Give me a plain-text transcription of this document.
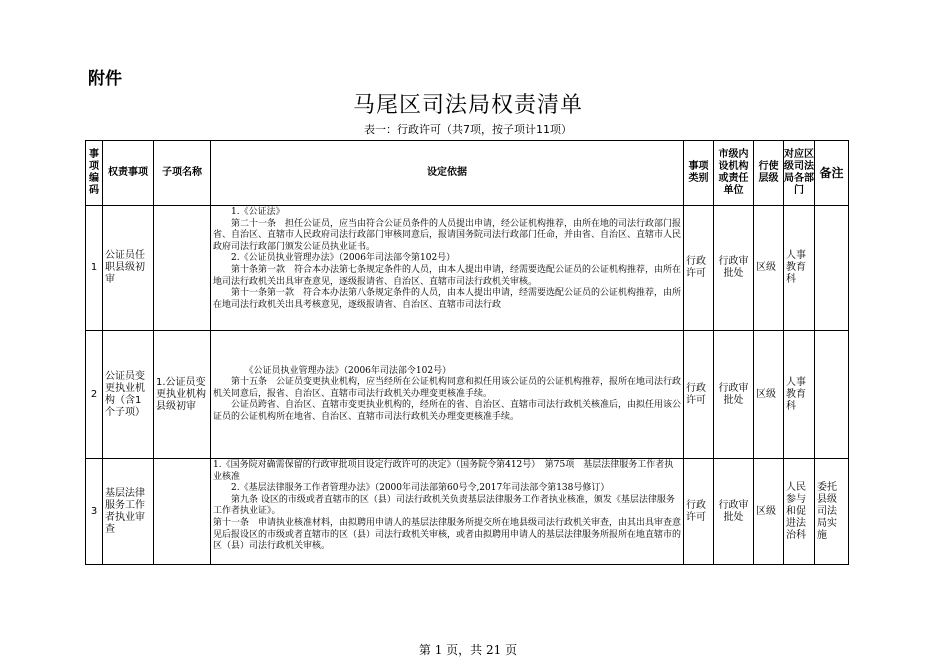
附件
马尾区司法局权责清单
表一：行政许可（共7项，按子项计11项）
事项编码	权责事项	子项名称	设定依据	事项类别	市级内设机构或责任单位	行使层级	对应区级司法局各部门	备注
1	公证员任职县级初审		1.《公证法》

第二十一条　担任公证员，应当由符合公证员条件的人员提出申请，经公证机构推荐，由所在地的司法行政部门报省、自治区、直辖市人民政府司法行政部门审核同意后，报请国务院司法行政部门任命，并由省、自治区、直辖市人民政府司法行政部门颁发公证员执业证书。

2.《公证员执业管理办法》（2006年司法部令第102号）

第十条第一款　符合本办法第七条规定条件的人员，由本人提出申请，经需要选配公证员的公证机构推荐，由所在地司法行政机关出具审查意见，逐级报请省、自治区、直辖市司法行政机关审核。

第十一条第一款　符合本办法第八条规定条件的人员，由本人提出申请，经需要选配公证员的公证机构推荐，由所在地司法行政机关出具考核意见，逐级报请省、自治区、直辖市司法行政	行政许可	行政审批处	区级	人事教育科	
2	公证员变更执业机构（含1个子项）	1.公证员变更执业机构县级初审	《公证员执业管理办法》（2006年司法部令102号）

第十五条　公证员变更执业机构，应当经所在公证机构同意和拟任用该公证员的公证机构推荐，报所在地司法行政机关同意后，报省、自治区、直辖市司法行政机关办理变更核准手续。

公证员跨省、自治区、直辖市变更执业机构的，经所在的省、自治区、直辖市司法行政机关核准后，由拟任用该公证员的公证机构所在地省、自治区、直辖市司法行政机关办理变更核准手续。	行政许可	行政审批处	区级	人事教育科	
3	基层法律服务工作者执业审查		1.《国务院对确需保留的行政审批项目设定行政许可的决定》（国务院令第412号）　第75项　基层法律服务工作者执业核准

2.《基层法律服务工作者管理办法》（2000年司法部第60号令,2017年司法部令第138号修订）

第九条 设区的市级或者直辖市的区（县）司法行政机关负责基层法律服务工作者执业核准，颁发《基层法律服务工作者执业证》。

第十一条　申请执业核准材料，由拟聘用申请人的基层法律服务所提交所在地县级司法行政机关审查，由其出具审查意见后报设区的市级或者直辖市的区（县）司法行政机关审核，或者由拟聘用申请人的基层法律服务所报所在地直辖市的区（县）司法行政机关审核。	行政许可	行政审批处	区级	人民参与和促进法治科	委托县级司法局实施
第 1 页，共 21 页
